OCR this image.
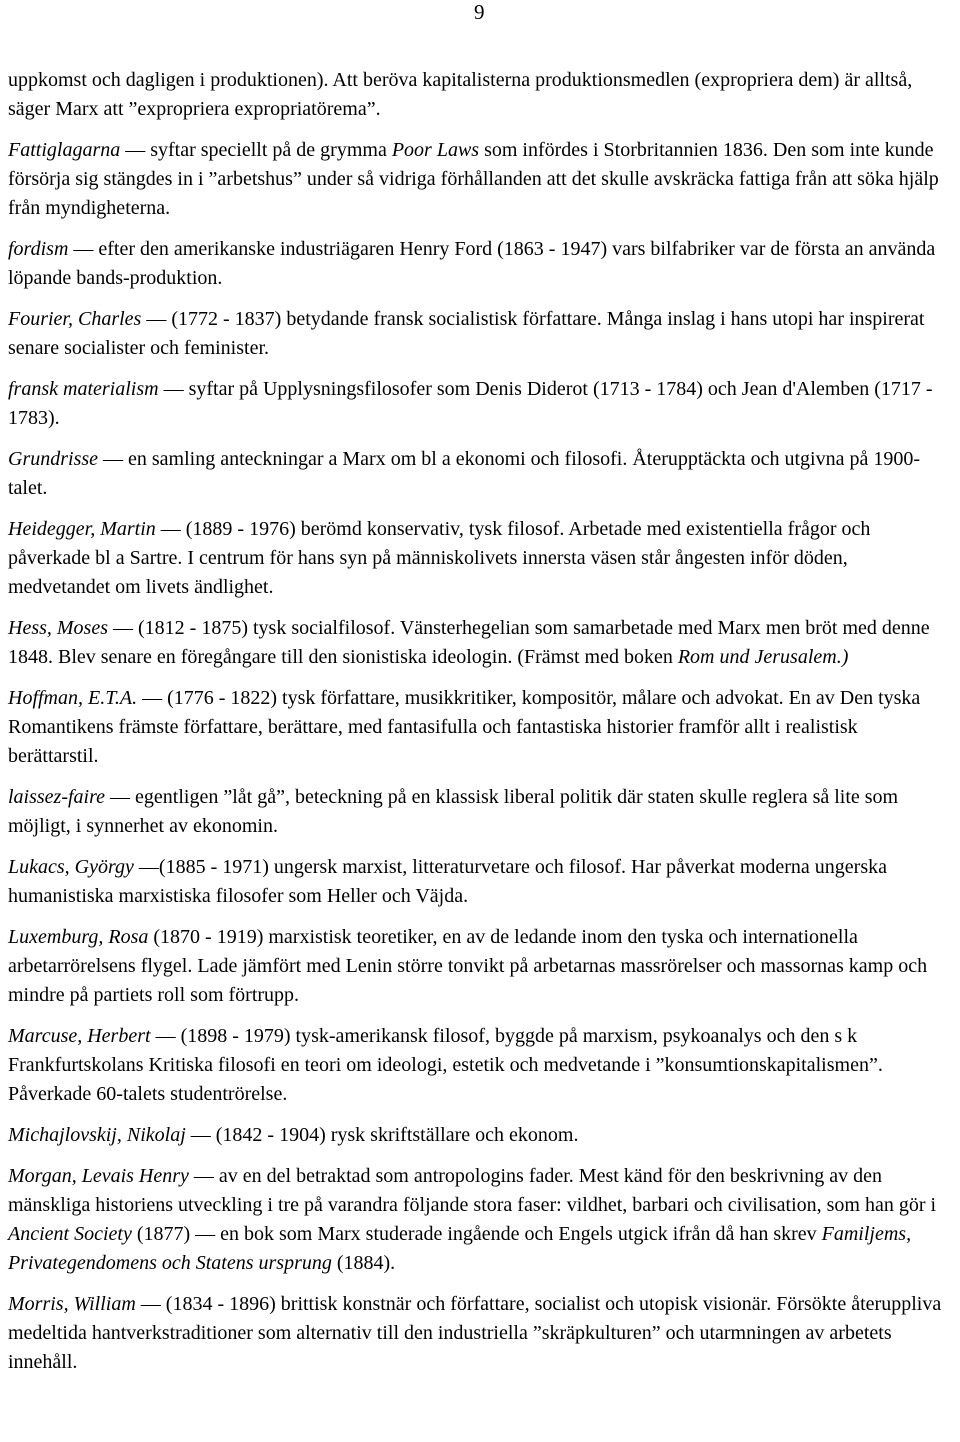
9

uppkomst och dagligen i produktionen). Att beröva kapitalisterna produktionsmedlen (expropriera dem) är alltså, säger Marx att ”expropriera expropriatörema”.

Fattiglagarna — syftar speciellt på de grymma Poor Laws som infördes i Storbritannien 1836. Den som inte kunde försörja sig stängdes in i ”arbetshus” under så vidriga förhållanden att det skulle avskräcka fattiga från att söka hjälp från myndigheterna.

fordism — efter den amerikanske industriägaren Henry Ford (1863 - 1947) vars bilfabriker var de första an använda löpande bands-produktion.

Fourier, Charles — (1772 - 1837) betydande fransk socialistisk författare. Många inslag i hans utopi har inspirerat senare socialister och feminister.

fransk materialism — syftar på Upplysningsfilosofer som Denis Diderot (1713 - 1784) och Jean d'Alemben (1717 - 1783).

Grundrisse — en samling anteckningar a Marx om bl a ekonomi och filosofi. Återupptäckta och utgivna på 1900-talet.

Heidegger, Martin — (1889 - 1976) berömd konservativ, tysk filosof. Arbetade med existentiella frågor och påverkade bl a Sartre. I centrum för hans syn på människolivets innersta väsen står ångesten inför döden, medvetandet om livets ändlighet.

Hess, Moses — (1812 - 1875) tysk socialfilosof. Vänsterhegelian som samarbetade med Marx men bröt med denne 1848. Blev senare en föregångare till den sionistiska ideologin. (Främst med boken Rom und Jerusalem.)

Hoffman, E.T.A. — (1776 - 1822) tysk författare, musikkritiker, kompositör, målare och advokat. En av Den tyska Romantikens främste författare, berättare, med fantasifulla och fantastiska historier framför allt i realistisk berättarstil.

laissez-faire — egentligen ”låt gå”, beteckning på en klassisk liberal politik där staten skulle reglera så lite som möjligt, i synnerhet av ekonomin.

Lukacs, György —(1885 - 1971) ungersk marxist, litteraturvetare och filosof. Har påverkat moderna ungerska humanistiska marxistiska filosofer som Heller och Väjda.

Luxemburg, Rosa (1870 - 1919) marxistisk teoretiker, en av de ledande inom den tyska och internationella arbetarrörelsens flygel. Lade jämfört med Lenin större tonvikt på arbetarnas massrörelser och massornas kamp och mindre på partiets roll som förtrupp.

Marcuse, Herbert — (1898 - 1979) tysk-amerikansk filosof, byggde på marxism, psykoanalys och den s k Frankfurtskolans Kritiska filosofi en teori om ideologi, estetik och medvetande i ”konsumtionskapitalismen”. Påverkade 60-talets studentrörelse.

Michajlovskij, Nikolaj — (1842 - 1904) rysk skriftställare och ekonom.

Morgan, Levais Henry — av en del betraktad som antropologins fader. Mest känd för den beskrivning av den mänskliga historiens utveckling i tre på varandra följande stora faser: vildhet, barbari och civilisation, som han gör i Ancient Society (1877) — en bok som Marx studerade ingående och Engels utgick ifrån då han skrev Familjems, Privategendomens och Statens ursprung (1884).

Morris, William — (1834 - 1896) brittisk konstnär och författare, socialist och utopisk visionär. Försökte återuppliva medeltida hantverkstraditioner som alternativ till den industriella ”skräpkulturen” och utarmningen av arbetets innehåll.
